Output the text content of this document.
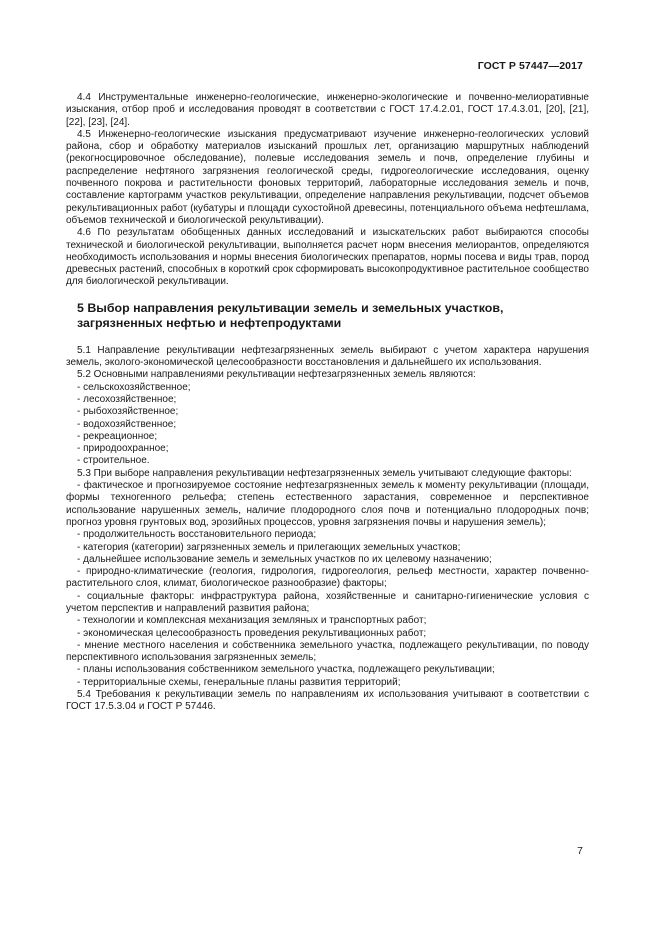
ГОСТ Р 57447—2017

4.4 Инструментальные инженерно-геологические, инженерно-экологические и почвенно-мелиоративные изыскания, отбор проб и исследования проводят в соответствии с ГОСТ 17.4.2.01, ГОСТ 17.4.3.01, [20], [21], [22], [23], [24].

4.5 Инженерно-геологические изыскания предусматривают изучение инженерно-геологических условий района, сбор и обработку материалов изысканий прошлых лет, организацию маршрутных наблюдений (рекогносцировочное обследование), полевые исследования земель и почв, определение глубины и распределение нефтяного загрязнения геологической среды, гидрогеологические исследования, оценку почвенного покрова и растительности фоновых территорий, лабораторные исследования земель и почв, составление картограмм участков рекультивации, определение направления рекультивации, подсчет объемов рекультивационных работ (кубатуры и площади сухостойной древесины, потенциального объема нефтешлама, объемов технической и биологической рекультивации).

4.6 По результатам обобщенных данных исследований и изыскательских работ выбираются способы технической и биологической рекультивации, выполняется расчет норм внесения мелиорантов, определяются необходимость использования и нормы внесения биологических препаратов, нормы посева и виды трав, пород древесных растений, способных в короткий срок сформировать высокопродуктивное растительное сообщество для биологической рекультивации.

5 Выбор направления рекультивации земель и земельных участков,
загрязненных нефтью и нефтепродуктами

5.1 Направление рекультивации нефтезагрязненных земель выбирают с учетом характера нарушения земель, эколого-экономической целесообразности восстановления и дальнейшего их использования.

5.2 Основными направлениями рекультивации нефтезагрязненных земель являются:

- сельскохозяйственное;

- лесохозяйственное;

- рыбохозяйственное;

- водохозяйственное;

- рекреационное;

- природоохранное;

- строительное.

5.3 При выборе направления рекультивации нефтезагрязненных земель учитывают следующие факторы:

- фактическое и прогнозируемое состояние нефтезагрязненных земель к моменту рекультивации (площади, формы техногенного рельефа; степень естественного зарастания, современное и перспективное использование нарушенных земель, наличие плодородного слоя почв и потенциально плодородных почв; прогноз уровня грунтовых вод, эрозийных процессов, уровня загрязнения почвы и нарушения земель);

- продолжительность восстановительного периода;

- категория (категории) загрязненных земель и прилегающих земельных участков;

- дальнейшее использование земель и земельных участков по их целевому назначению;

- природно-климатические (геология, гидрология, гидрогеология, рельеф местности, характер почвенно-растительного слоя, климат, биологическое разнообразие) факторы;

- социальные факторы: инфраструктура района, хозяйственные и санитарно-гигиенические условия с учетом перспектив и направлений развития района;

- технологии и комплексная механизация земляных и транспортных работ;

- экономическая целесообразность проведения рекультивационных работ;

- мнение местного населения и собственника земельного участка, подлежащего рекультивации, по поводу перспективного использования загрязненных земель;

- планы использования собственником земельного участка, подлежащего рекультивации;

- территориальные схемы, генеральные планы развития территорий;

5.4 Требования к рекультивации земель по направлениям их использования учитывают в соответствии с ГОСТ 17.5.3.04 и ГОСТ Р 57446.

7
